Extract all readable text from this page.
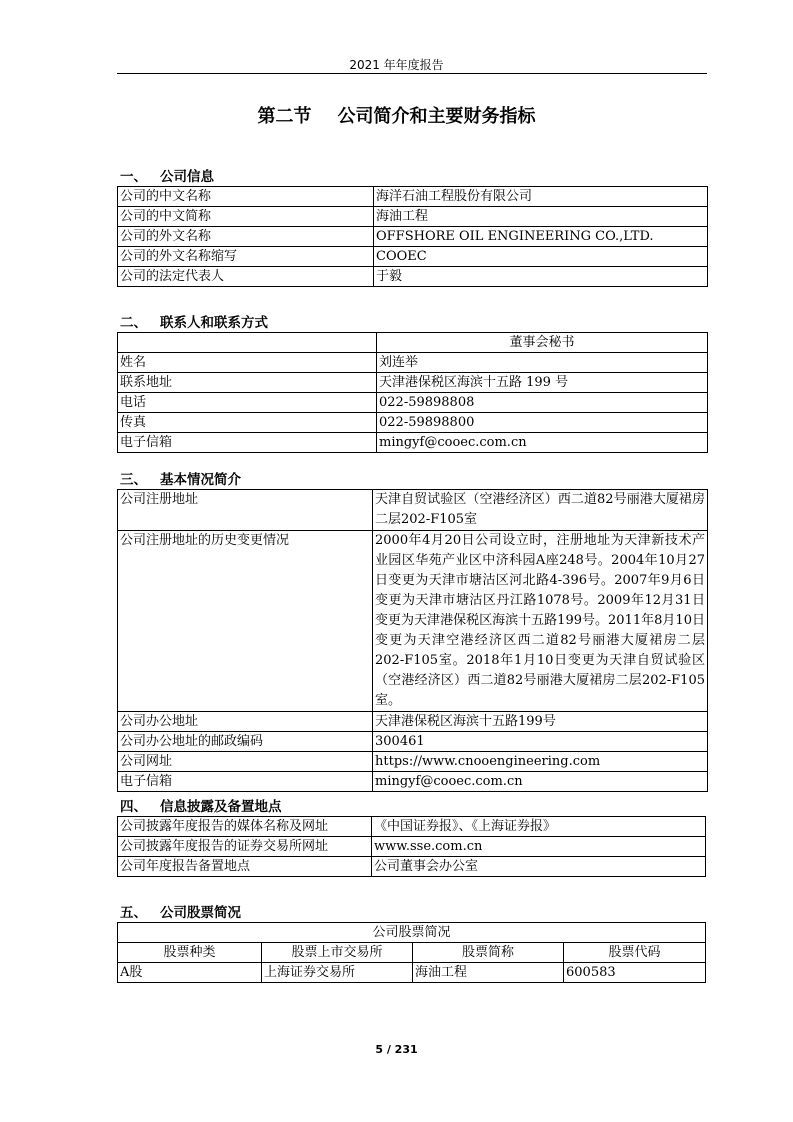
2021 年年度报告
第二节 公司简介和主要财务指标
一、 公司信息
公司的中文名称	海洋石油工程股份有限公司
公司的中文简称	海油工程
公司的外文名称	OFFSHORE OIL ENGINEERING CO.,LTD.
公司的外文名称缩写	COOEC
公司的法定代表人	于毅
二、 联系人和联系方式
	董事会秘书
姓名	刘连举
联系地址	天津港保税区海滨十五路 199 号
电话	022-59898808
传真	022-59898800
电子信箱	mingyf@cooec.com.cn
三、 基本情况简介
公司注册地址	天津自贸试验区（空港经济区）西二道82号丽港大厦裙房二层202-F105室
公司注册地址的历史变更情况	2000年4月20日公司设立时，注册地址为天津新技术产业园区华苑产业区中济科园A座248号。2004年10月27日变更为天津市塘沽区河北路4-396号。2007年9月6日变更为天津市塘沽区丹江路1078号。2009年12月31日变更为天津港保税区海滨十五路199号。2011年8月10日变更为天津空港经济区西二道82号丽港大厦裙房二层202-F105室。2018年1月10日变更为天津自贸试验区（空港经济区）西二道82号丽港大厦裙房二层202-F105室。
公司办公地址	天津港保税区海滨十五路199号
公司办公地址的邮政编码	300461
公司网址	https://www.cnooengineering.com
电子信箱	mingyf@cooec.com.cn
四、 信息披露及备置地点
公司披露年度报告的媒体名称及网址	《中国证券报》、《上海证券报》
公司披露年度报告的证券交易所网址	www.sse.com.cn
公司年度报告备置地点	公司董事会办公室
五、 公司股票简况
公司股票简况			
股票种类	股票上市交易所	股票简称	股票代码
A股	上海证券交易所	海油工程	600583
5 / 231
